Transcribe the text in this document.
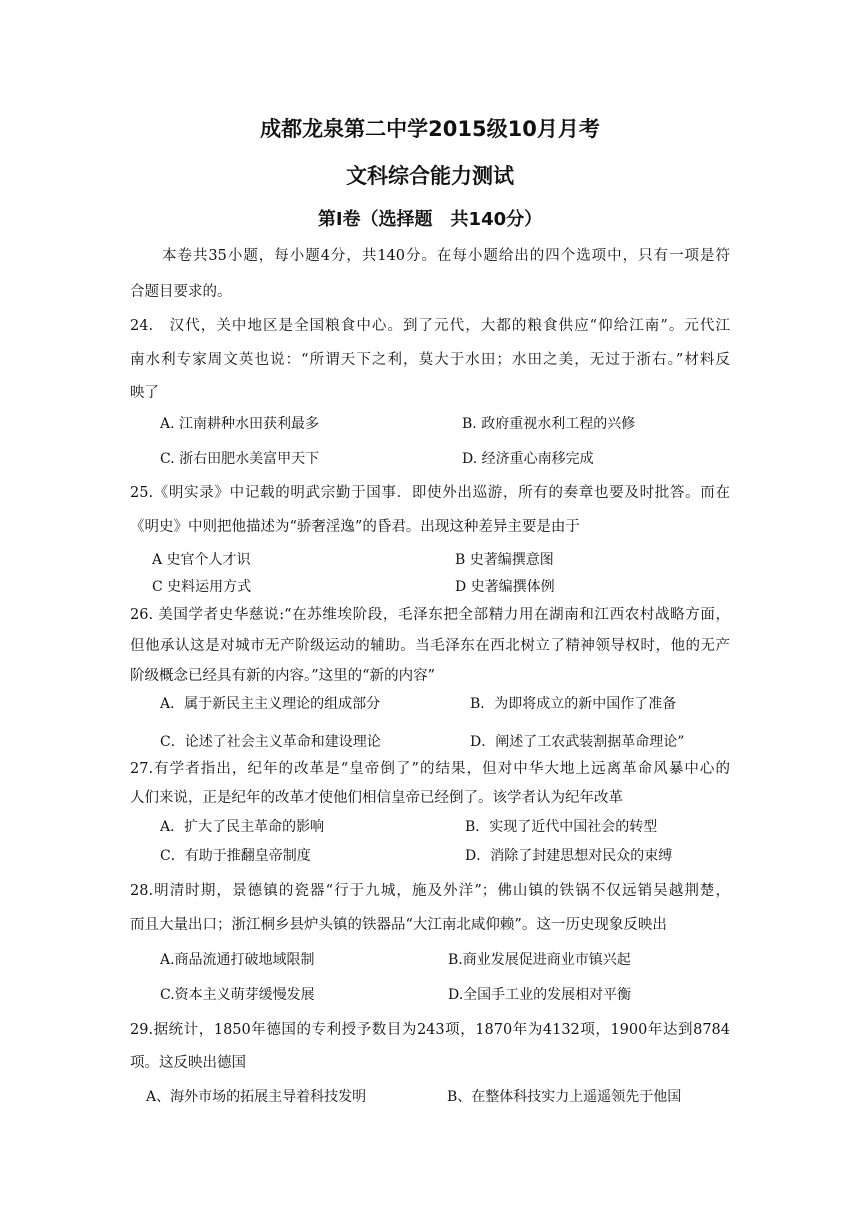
成都龙泉第二中学2015级10月月考
文科综合能力测试
第Ⅰ卷（选择题　共140分）
本卷共35小题，每小题4分，共140分。在每小题给出的四个选项中，只有一项是符
合题目要求的。
24.　汉代，关中地区是全国粮食中心。到了元代，大都的粮食供应“仰给江南”。元代江
南水利专家周文英也说：“所谓天下之利，莫大于水田；水田之美，无过于浙右。”材料反
映了
A. 江南耕种水田获利最多	B. 政府重视水利工程的兴修
C. 浙右田肥水美富甲天下	D. 经济重心南移完成
25.《明实录》中记载的明武宗勤于国事．即使外出巡游，所有的奏章也要及时批答。而在
《明史》中则把他描述为“骄奢淫逸”的昏君。出现这种差异主要是由于
A 史官个人才识	B 史著编撰意图
C 史料运用方式	D 史著编撰体例
26. 美国学者史华慈说:“在苏维埃阶段，毛泽东把全部精力用在湖南和江西农村战略方面，
但他承认这是对城市无产阶级运动的辅助。当毛泽东在西北树立了精神领导权时，他的无产
阶级概念已经具有新的内容。”这里的“新的内容”
A．属于新民主主义理论的组成部分	B．为即将成立的新中国作了准备
C．论述了社会主义革命和建设理论	D．阐述了工农武装割据革命理论”
27.有学者指出，纪年的改革是“皇帝倒了”的结果，但对中华大地上远离革命风暴中心的
人们来说，正是纪年的改革才使他们相信皇帝已经倒了。该学者认为纪年改革
A．扩大了民主革命的影响	B．实现了近代中国社会的转型
C．有助于推翻皇帝制度	D．消除了封建思想对民众的束缚
28.明清时期，景德镇的瓷器“行于九城，施及外洋”；佛山镇的铁锅不仅远销吴越荆楚，
而且大量出口；浙江桐乡县炉头镇的铁器品“大江南北咸仰赖”。这一历史现象反映出
A.商品流通打破地域限制	B.商业发展促进商业市镇兴起
C.资本主义萌芽缓慢发展	D.全国手工业的发展相对平衡
29.据统计，1850年德国的专利授予数目为243项，1870年为4132项，1900年达到8784
项。这反映出德国
A、海外市场的拓展主导着科技发明	B、在整体科技实力上遥遥领先于他国
